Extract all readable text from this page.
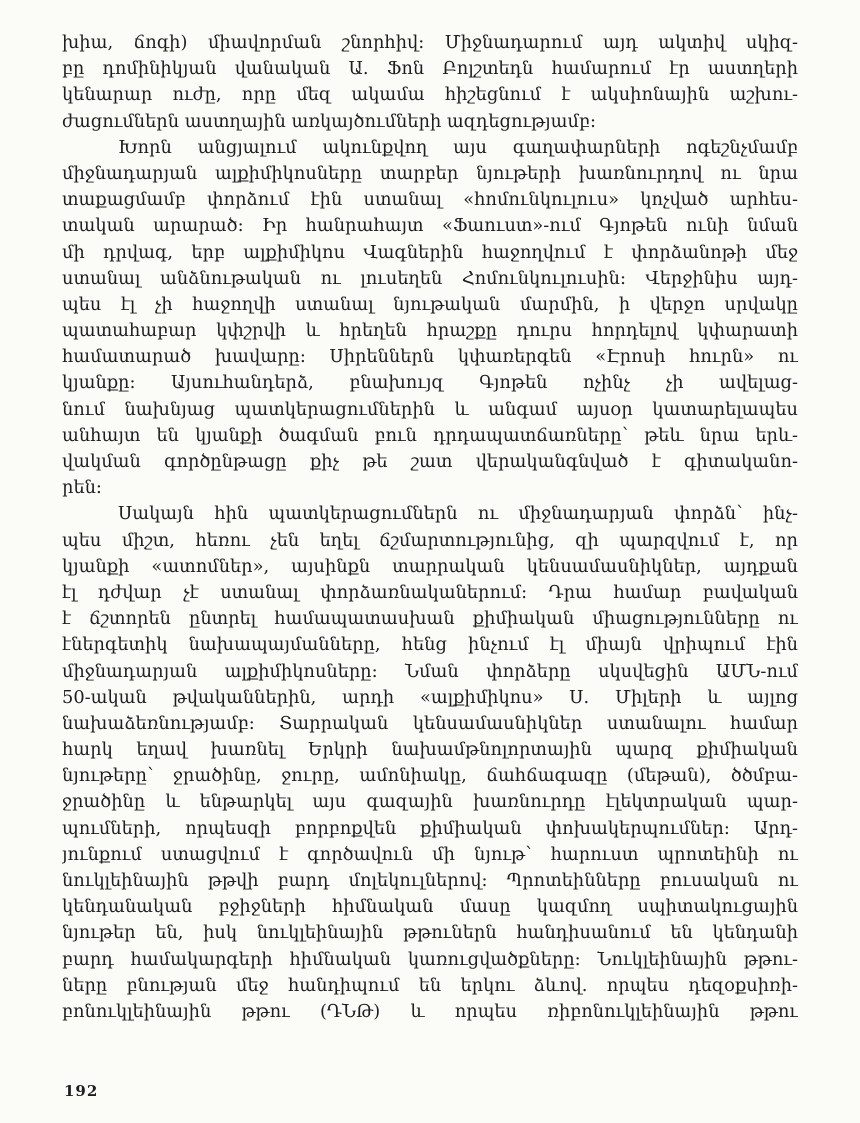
խիա, ճոգի) միավորման շնորհիվ: Միջնադարում այդ ակտիվ սկիզ-
բը դոմինիկյան վանական Ա. Ֆոն Բոլշտեդն համարում էր աստղերի
կենարար ուժը, որը մեզ ակամա հիշեցնում է ակսիոնային աշխու-
ժացումներն աստղային առկայծումների ազդեցությամբ:
Խորն անցյալում ակունքվող այս գաղափարների ոգեշնչմամբ
միջնադարյան ալքիմիկոսները տարբեր նյութերի խառնուրդով ու նրա
տաքացմամբ փորձում էին ստանալ «հոմունկուլուս» կոչված արհես-
տական արարած: Իր հանրահայտ «Ֆաուստ»-ում Գյոթեն ունի նման
մի դրվագ, երբ ալքիմիկոս Վագներին հաջողվում է փորձանոթի մեջ
ստանալ անձնութական ու լուսեղեն Հոմունկուլուսին: Վերջինիս այդ-
պես էլ չի հաջողվի ստանալ նյութական մարմին, ի վերջո սրվակը
պատահաբար կփշրվի և հրեղեն հրաշքը դուրս հորդելով կփարատի
համատարած խավարը: Սիրեններն կփառերգեն «Էրոսի հուրն» ու
կյանքը: Այսուհանդերձ, բնախույզ Գյոթեն ոչինչ չի ավելաց-
նում նախնյաց պատկերացումներին և անգամ այսօր կատարելապես
անհայտ են կյանքի ծագման բուն դրդապատճառները՝ թեև նրա երև-
վակման գործընթացը քիչ թե շատ վերականգնված է գիտականո-
րեն:
Սակայն հին պատկերացումներն ու միջնադարյան փորձն՝ ինչ-
պես միշտ, հեռու չեն եղել ճշմարտությունից, զի պարզվում է, որ
կյանքի «ատոմներ», այսինքն տարրական կենսամասնիկներ, այդքան
էլ դժվար չէ ստանալ փորձառնականերում: Դրա համար բավական
է ճշտորեն ընտրել համապատասխան քիմիական միացությունները ու
էներգետիկ նախապայմանները, հենց ինչում էլ միայն վրիպում էին
միջնադարյան ալքիմիկոսները: Նման փորձերը սկսվեցին ԱՄՆ-ում
50-ական թվականներին, արդի «ալքիմիկոս» Ս. Միլերի և այլոց
նախաձեռնությամբ: Տարրական կենսամասնիկներ ստանալու համար
հարկ եղավ խառնել Երկրի նախամթնոլորտային պարզ քիմիական
նյութերը՝ ջրածինը, ջուրը, ամոնիակը, ճահճագազը (մեթան), ծծմբա-
ջրածինը և ենթարկել այս գազային խառնուրդը էլեկտրական պար-
պումների, որպեսզի բորբոքվեն քիմիական փոխակերպումներ: Արդ-
յունքում ստացվում է գործավուն մի նյութ՝ հարուստ պրոտեինի ու
նուկլեինային թթվի բարդ մոլեկուլներով: Պրոտեինները բուսական ու
կենդանական բջիջների հիմնական մասը կազմող սպիտակուցային
նյութեր են, իսկ նուկլեինային թթուներն հանդիսանում են կենդանի
բարդ համակարգերի հիմնական կառուցվածքները: Նուկլեինային թթու-
ները բնության մեջ հանդիպում են երկու ձևով. որպես դեզօքսիռի-
բոնուկլեինային թթու (ԴՆԹ) և որպես ռիբոնուկլեինային թթու
192
